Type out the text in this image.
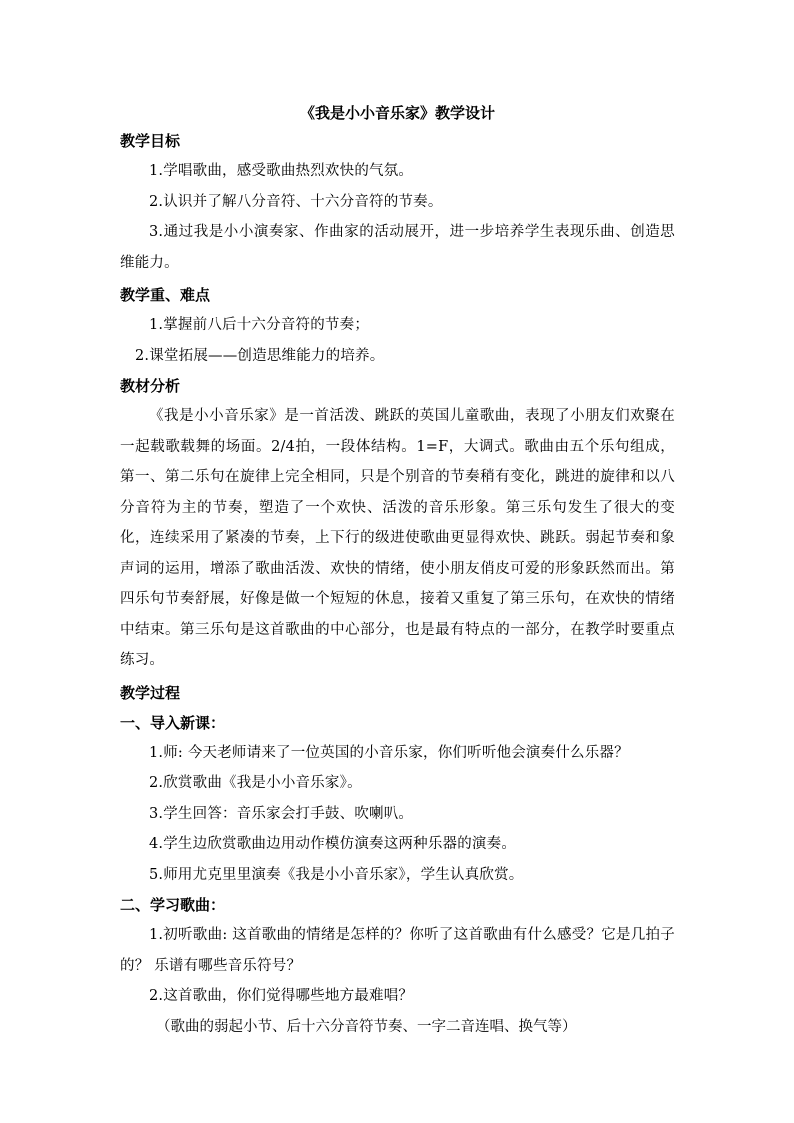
《我是小小音乐家》教学设计

教学目标

1.学唱歌曲，感受歌曲热烈欢快的气氛。

2.认识并了解八分音符、十六分音符的节奏。

3.通过我是小小演奏家、作曲家的活动展开，进一步培养学生表现乐曲、创造思维能力。

教学重、难点

1.掌握前八后十六分音符的节奏；

2.课堂拓展——创造思维能力的培养。

教材分析

《我是小小音乐家》是一首活泼、跳跃的英国儿童歌曲，表现了小朋友们欢聚在一起载歌载舞的场面。2/4拍，一段体结构。1=F，大调式。歌曲由五个乐句组成，第一、第二乐句在旋律上完全相同，只是个别音的节奏稍有变化，跳进的旋律和以八分音符为主的节奏，塑造了一个欢快、活泼的音乐形象。第三乐句发生了很大的变化，连续采用了紧凑的节奏，上下行的级进使歌曲更显得欢快、跳跃。弱起节奏和象声词的运用，增添了歌曲活泼、欢快的情绪，使小朋友俏皮可爱的形象跃然而出。第四乐句节奏舒展，好像是做一个短短的休息，接着又重复了第三乐句，在欢快的情绪中结束。第三乐句是这首歌曲的中心部分，也是最有特点的一部分，在教学时要重点练习。

教学过程

一、导入新课：

1.师: 今天老师请来了一位英国的小音乐家，你们听听他会演奏什么乐器？

2.欣赏歌曲《我是小小音乐家》。

3.学生回答：音乐家会打手鼓、吹喇叭。

4.学生边欣赏歌曲边用动作模仿演奏这两种乐器的演奏。

5.师用尤克里里演奏《我是小小音乐家》，学生认真欣赏。

二、学习歌曲：

1.初听歌曲: 这首歌曲的情绪是怎样的？你听了这首歌曲有什么感受？它是几拍子的？ 乐谱有哪些音乐符号？

2.这首歌曲，你们觉得哪些地方最难唱？

（歌曲的弱起小节、后十六分音符节奏、一字二音连唱、换气等）
